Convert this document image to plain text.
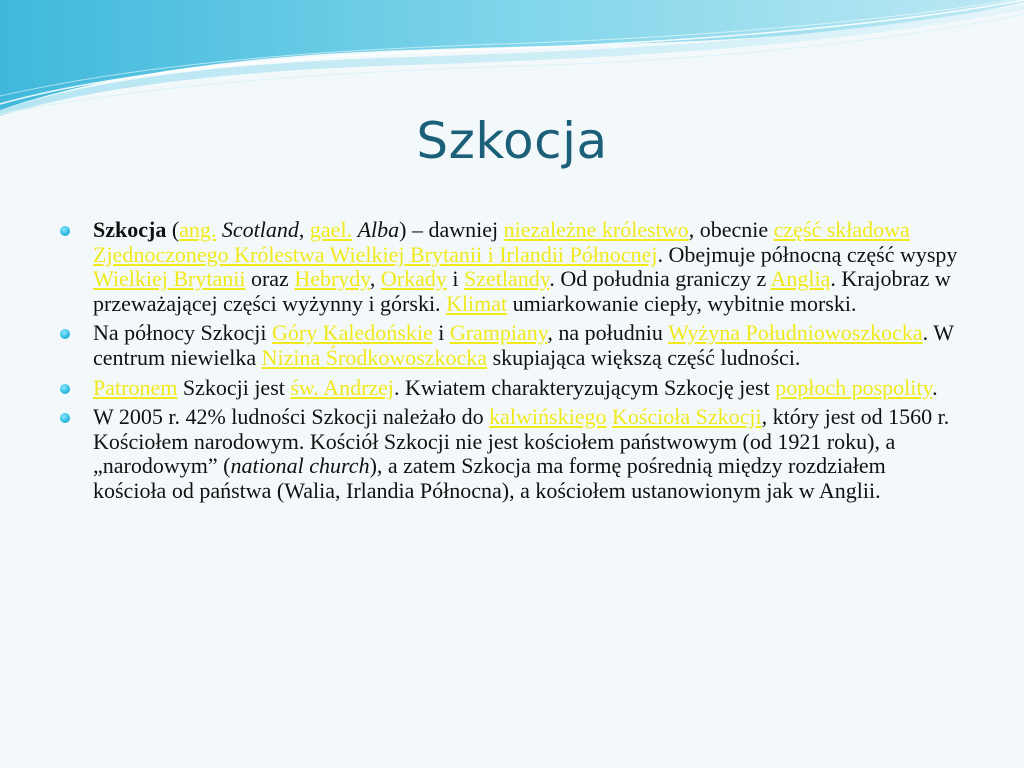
Szkocja
Szkocja (ang. Scotland, gael. Alba) – dawniej niezależne królestwo, obecnie część składowa Zjednoczonego Królestwa Wielkiej Brytanii i Irlandii Północnej. Obejmuje północną część wyspy Wielkiej Brytanii oraz Hebrydy, Orkady i Szetlandy. Od południa graniczy z Anglią. Krajobraz w przeważającej części wyżynny i górski. Klimat umiarkowanie ciepły, wybitnie morski.
Na północy Szkocji Góry Kaledońskie i Grampiany, na południu Wyżyna Południowoszkocka. W centrum niewielka Nizina Środkowoszkocka skupiająca większą część ludności.
Patronem Szkocji jest św. Andrzej. Kwiatem charakteryzującym Szkocję jest popłoch pospolity.
W 2005 r. 42% ludności Szkocji należało do kalwińskiego Kościoła Szkocji, który jest od 1560 r. Kościołem narodowym. Kościół Szkocji nie jest kościołem państwowym (od 1921 roku), a „narodowym” (national church), a zatem Szkocja ma formę pośrednią między rozdziałem kościoła od państwa (Walia, Irlandia Północna), a kościołem ustanowionym jak w Anglii.
